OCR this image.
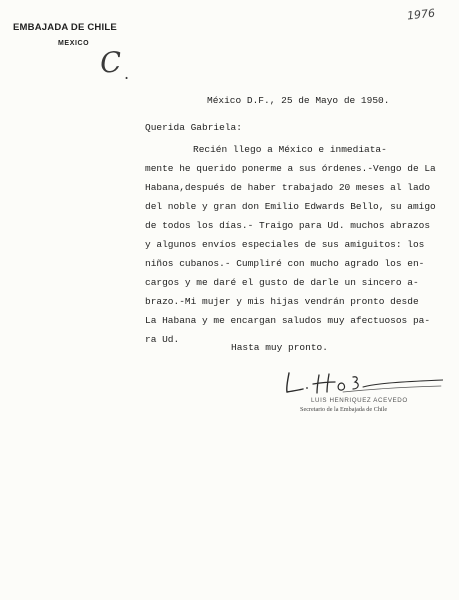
EMBAJADA DE CHILE
MEXICO
1976
C .
México D.F., 25 de Mayo de 1950.
Querida Gabriela:
Recién llego a México e inmediata-
mente he querido ponerme a sus órdenes.-Vengo de La
Habana,después de haber trabajado 20 meses al lado
del noble y gran don Emilio Edwards Bello, su amigo
de todos los días.- Traigo para Ud. muchos abrazos
y algunos envíos especiales de sus amiguitos: los
niños cubanos.- Cumpliré con mucho agrado los en-
cargos y me daré el gusto de darle un sincero a-
brazo.-Mi mujer y mis hijas vendrán pronto desde
La Habana y me encargan saludos muy afectuosos pa-
ra Ud.
Hasta muy pronto.
LUIS HENRIQUEZ ACEVEDO
Secretario de la Embajada de Chile
